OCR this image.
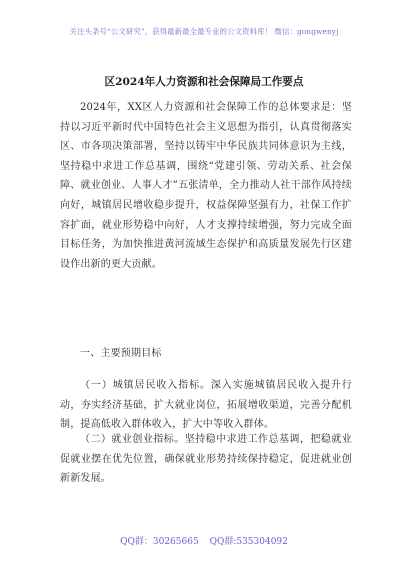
关注头条号“公文研究”，获得最新最全最专业的公文资料库！ 微信：gongwenyj
区2024年人力资源和社会保障局工作要点
2024年，XX区人力资源和社会保障工作的总体要求是：坚持以习近平新时代中国特色社会主义思想为指引，认真贯彻落实区、市各项决策部署，坚持以铸牢中华民族共同体意识为主线，坚持稳中求进工作总基调，围绕“党建引领、劳动关系、社会保障、就业创业、人事人才”五张清单，全力推动人社干部作风持续向好，城镇居民增收稳步提升，权益保障坚强有力，社保工作扩容扩面，就业形势稳中向好，人才支撑持续增强，努力完成全面目标任务，为加快推进黄河流域生态保护和高质量发展先行区建设作出新的更大贡献。
一、主要预期目标
（一）城镇居民收入指标。深入实施城镇居民收入提升行动，夯实经济基础，扩大就业岗位，拓展增收渠道，完善分配机制，提高低收入群体收入，扩大中等收入群体。
（二）就业创业指标。坚持稳中求进工作总基调，把稳就业促就业摆在优先位置，确保就业形势持续保持稳定，促进就业创新新发展。
QQ群：30265665 QQ群:535304092
